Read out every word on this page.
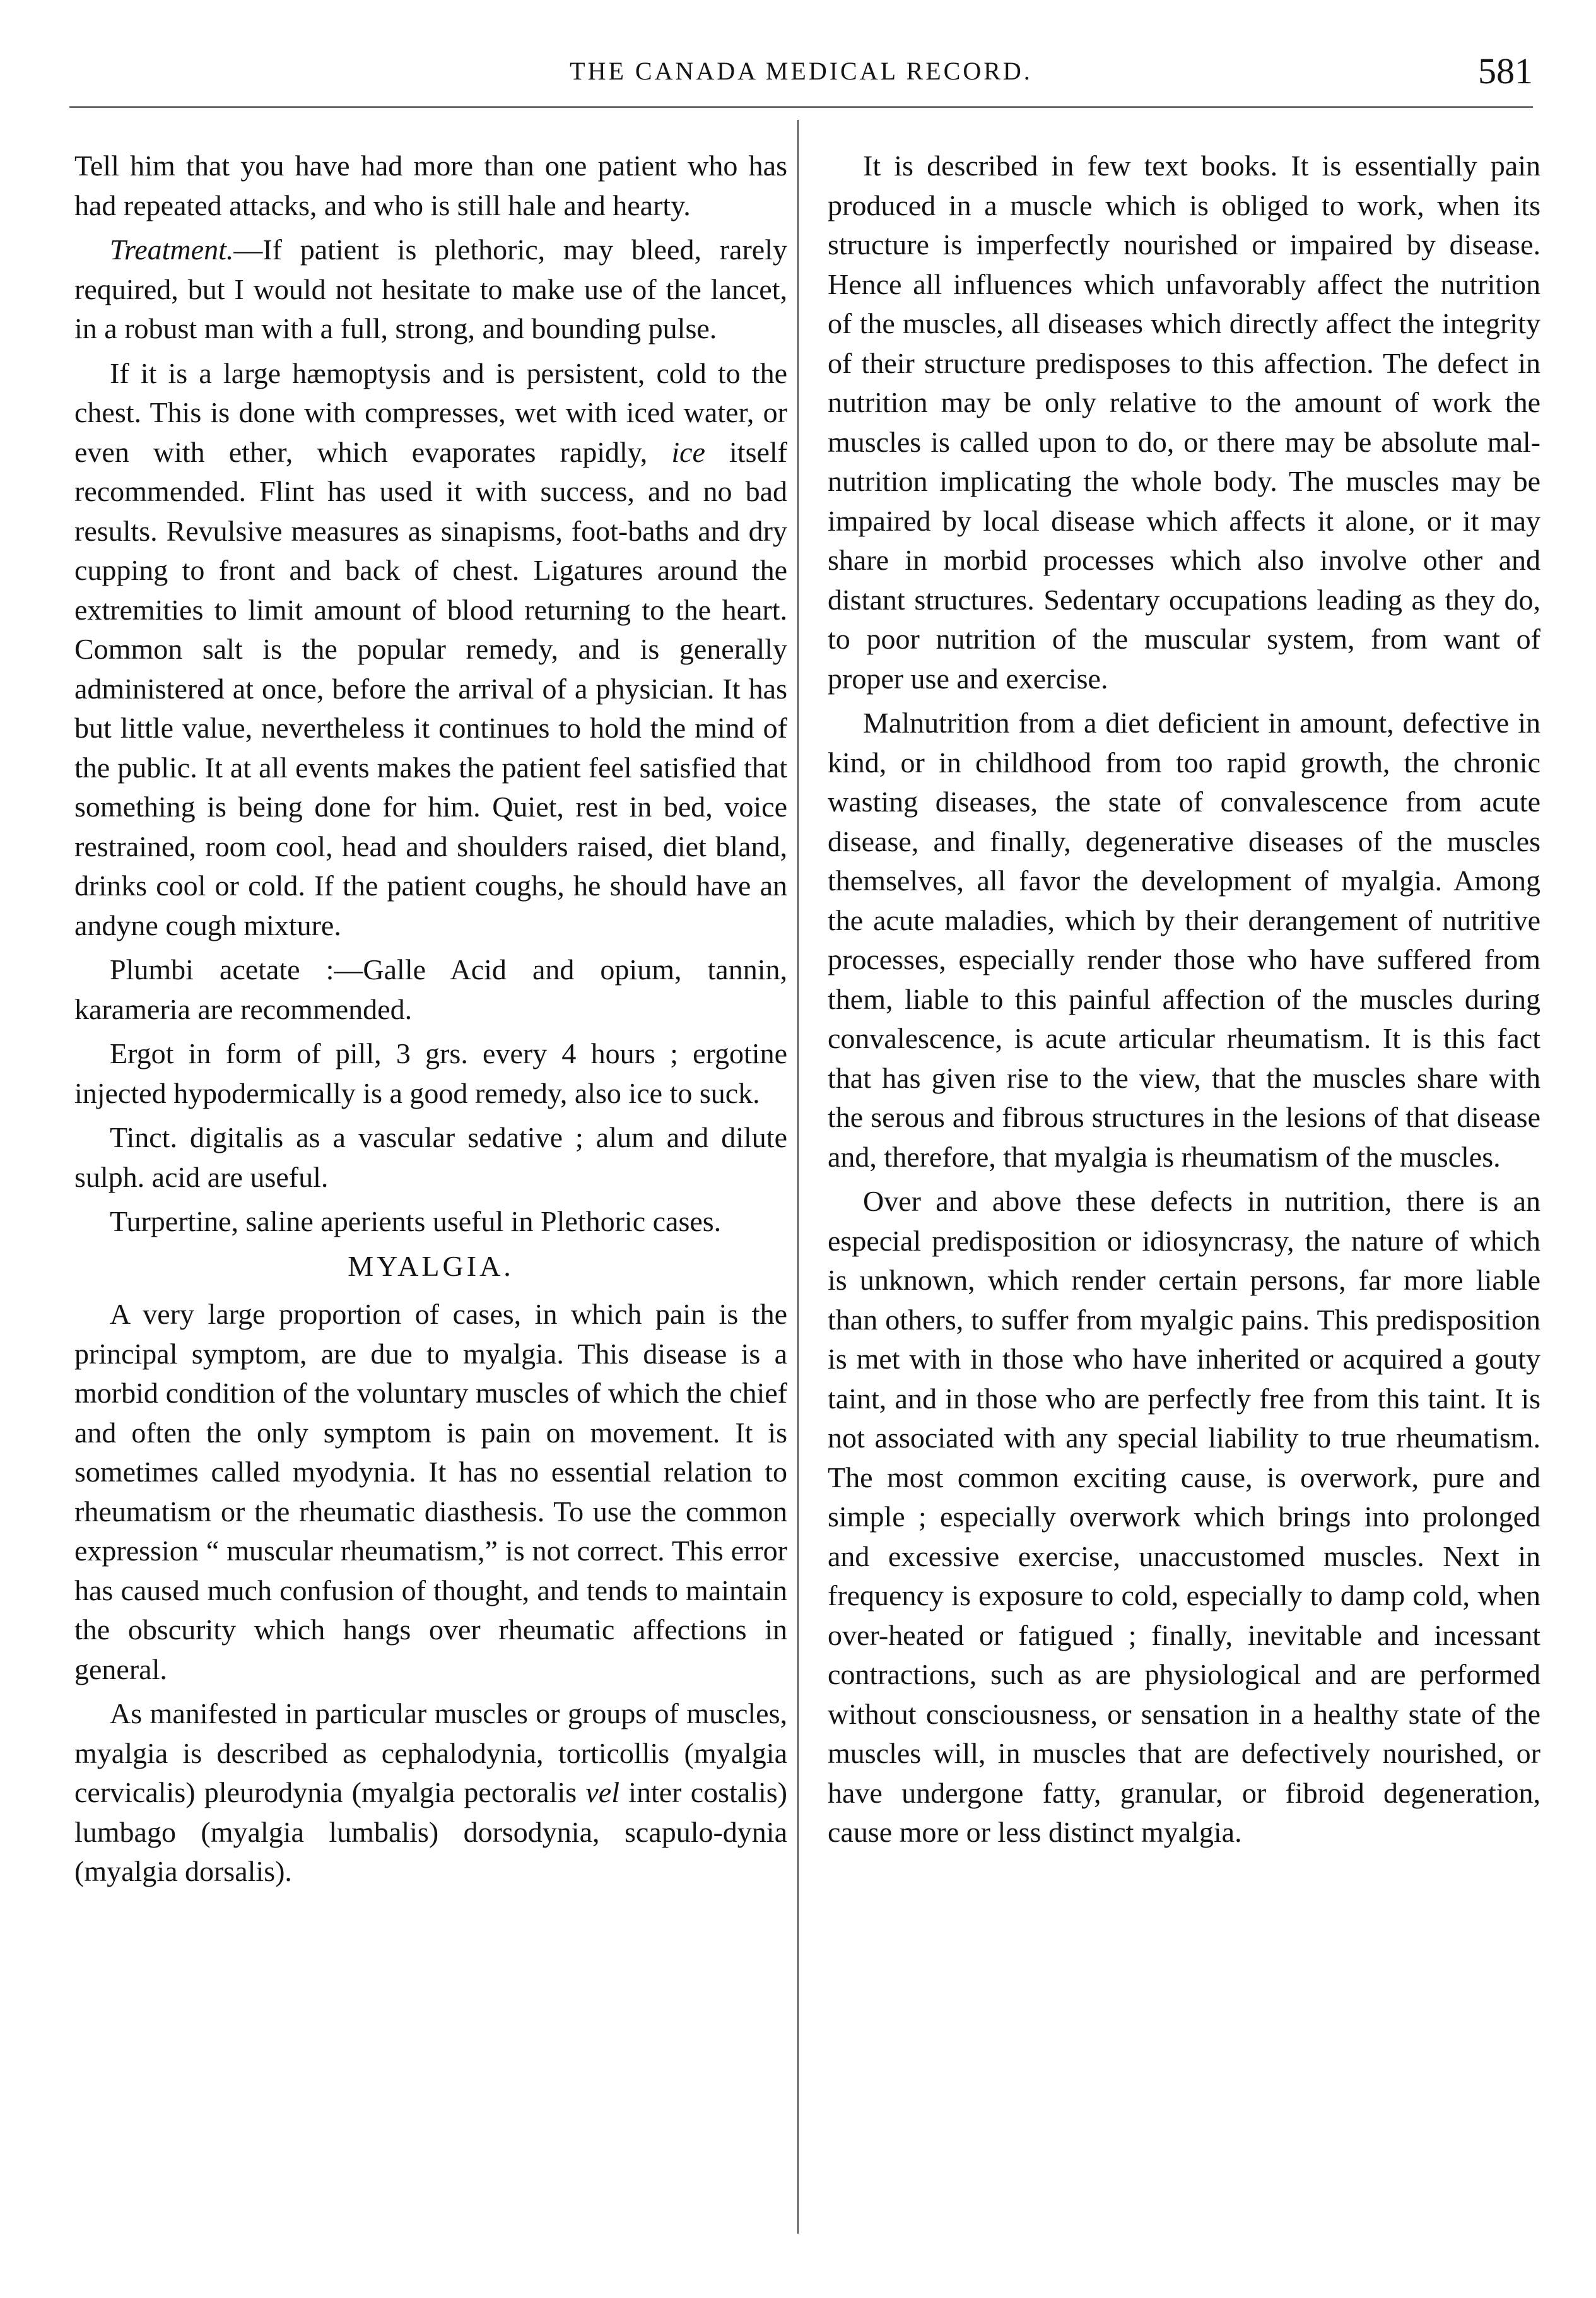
THE CANADA MEDICAL RECORD.	581

Tell him that you have had more than one patient who has had repeated attacks, and who is still hale and hearty.

Treatment.—If patient is plethoric, may bleed, rarely required, but I would not hesitate to make use of the lancet, in a robust man with a full, strong, and bounding pulse.

If it is a large hæmoptysis and is persistent, cold to the chest. This is done with compresses, wet with iced water, or even with ether, which evaporates rapidly, ice itself recommended. Flint has used it with success, and no bad results. Revulsive measures as sinapisms, foot-baths and dry cupping to front and back of chest. Ligatures around the extremities to limit amount of blood returning to the heart. Common salt is the popular remedy, and is generally administered at once, before the arrival of a physician. It has but little value, nevertheless it continues to hold the mind of the public. It at all events makes the patient feel satisfied that something is being done for him. Quiet, rest in bed, voice restrained, room cool, head and shoulders raised, diet bland, drinks cool or cold. If the patient coughs, he should have an andyne cough mixture.

Plumbi acetate :—Galle Acid and opium, tannin, karameria are recommended.

Ergot in form of pill, 3 grs. every 4 hours ; ergotine injected hypodermically is a good remedy, also ice to suck.

Tinct. digitalis as a vascular sedative ; alum and dilute sulph. acid are useful.

Turpertine, saline aperients useful in Plethoric cases.

MYALGIA.

A very large proportion of cases, in which pain is the principal symptom, are due to myalgia. This disease is a morbid condition of the voluntary muscles of which the chief and often the only symptom is pain on movement. It is sometimes called myodynia. It has no essential relation to rheumatism or the rheumatic diasthesis. To use the common expression “ muscular rheumatism,” is not correct. This error has caused much confusion of thought, and tends to maintain the obscurity which hangs over rheumatic affections in general.

As manifested in particular muscles or groups of muscles, myalgia is described as cephalodynia, torticollis (myalgia cervicalis) pleurodynia (myalgia pectoralis vel inter costalis) lumbago (myalgia lumbalis) dorsodynia, scapulo-dynia (myalgia dorsalis).

It is described in few text books. It is essentially pain produced in a muscle which is obliged to work, when its structure is imperfectly nourished or impaired by disease. Hence all influences which unfavorably affect the nutrition of the muscles, all diseases which directly affect the integrity of their structure predisposes to this affection. The defect in nutrition may be only relative to the amount of work the muscles is called upon to do, or there may be absolute mal-nutrition implicating the whole body. The muscles may be impaired by local disease which affects it alone, or it may share in morbid processes which also involve other and distant structures. Sedentary occupations leading as they do, to poor nutrition of the muscular system, from want of proper use and exercise.

Malnutrition from a diet deficient in amount, defective in kind, or in childhood from too rapid growth, the chronic wasting diseases, the state of convalescence from acute disease, and finally, degenerative diseases of the muscles themselves, all favor the development of myalgia. Among the acute maladies, which by their derangement of nutritive processes, especially render those who have suffered from them, liable to this painful affection of the muscles during convalescence, is acute articular rheumatism. It is this fact that has given rise to the view, that the muscles share with the serous and fibrous structures in the lesions of that disease and, therefore, that myalgia is rheumatism of the muscles.

Over and above these defects in nutrition, there is an especial predisposition or idiosyncrasy, the nature of which is unknown, which render certain persons, far more liable than others, to suffer from myalgic pains. This predisposition is met with in those who have inherited or acquired a gouty taint, and in those who are perfectly free from this taint. It is not associated with any special liability to true rheumatism. The most common exciting cause, is overwork, pure and simple ; especially overwork which brings into prolonged and excessive exercise, unaccustomed muscles. Next in frequency is exposure to cold, especially to damp cold, when over-heated or fatigued ; finally, inevitable and incessant contractions, such as are physiological and are performed without consciousness, or sensation in a healthy state of the muscles will, in muscles that are defectively nourished, or have undergone fatty, granular, or fibroid degeneration, cause more or less distinct myalgia.
